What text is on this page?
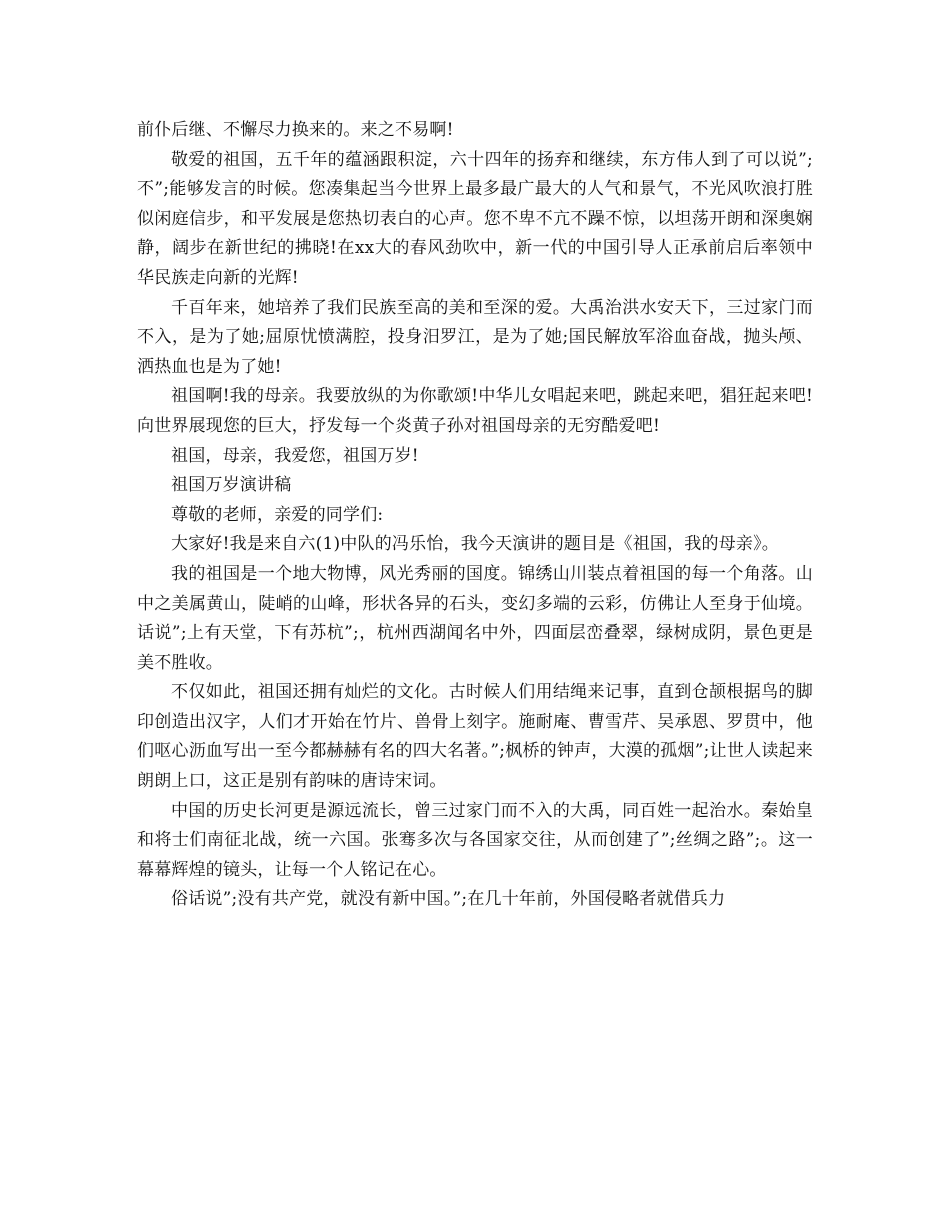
前仆后继、不懈尽力换来的。来之不易啊!

敬爱的祖国，五千年的蕴涵跟积淀，六十四年的扬弃和继续，东方伟人到了可以说”;不”;能够发言的时候。您凑集起当今世界上最多最广最大的人气和景气，不光风吹浪打胜似闲庭信步，和平发展是您热切表白的心声。您不卑不亢不躁不惊，以坦荡开朗和深奥娴静，阔步在新世纪的拂晓!在xx大的春风劲吹中，新一代的中国引导人正承前启后率领中华民族走向新的光辉!

千百年来，她培养了我们民族至高的美和至深的爱。大禹治洪水安天下，三过家门而不入，是为了她;屈原忧愤满腔，投身汨罗江，是为了她;国民解放军浴血奋战，抛头颅、洒热血也是为了她!

祖国啊!我的母亲。我要放纵的为你歌颂!中华儿女唱起来吧，跳起来吧，猖狂起来吧!向世界展现您的巨大，抒发每一个炎黄子孙对祖国母亲的无穷酷爱吧!

祖国，母亲，我爱您，祖国万岁!

祖国万岁演讲稿

尊敬的老师，亲爱的同学们:

大家好!我是来自六(1)中队的冯乐怡，我今天演讲的题目是《祖国，我的母亲》。

我的祖国是一个地大物博，风光秀丽的国度。锦绣山川装点着祖国的每一个角落。山中之美属黄山，陡峭的山峰，形状各异的石头，变幻多端的云彩，仿佛让人至身于仙境。话说”;上有天堂，下有苏杭”;，杭州西湖闻名中外，四面层峦叠翠，绿树成阴，景色更是美不胜收。

不仅如此，祖国还拥有灿烂的文化。古时候人们用结绳来记事，直到仓颉根据鸟的脚印创造出汉字，人们才开始在竹片、兽骨上刻字。施耐庵、曹雪芹、吴承恩、罗贯中，他们呕心沥血写出一至今都赫赫有名的四大名著。”;枫桥的钟声，大漠的孤烟”;让世人读起来朗朗上口，这正是别有韵味的唐诗宋词。

中国的历史长河更是源远流长，曾三过家门而不入的大禹，同百姓一起治水。秦始皇和将士们南征北战，统一六国。张骞多次与各国家交往，从而创建了”;丝绸之路”;。这一幕幕辉煌的镜头，让每一个人铭记在心。

俗话说”;没有共产党，就没有新中国。”;在几十年前，外国侵略者就借兵力
